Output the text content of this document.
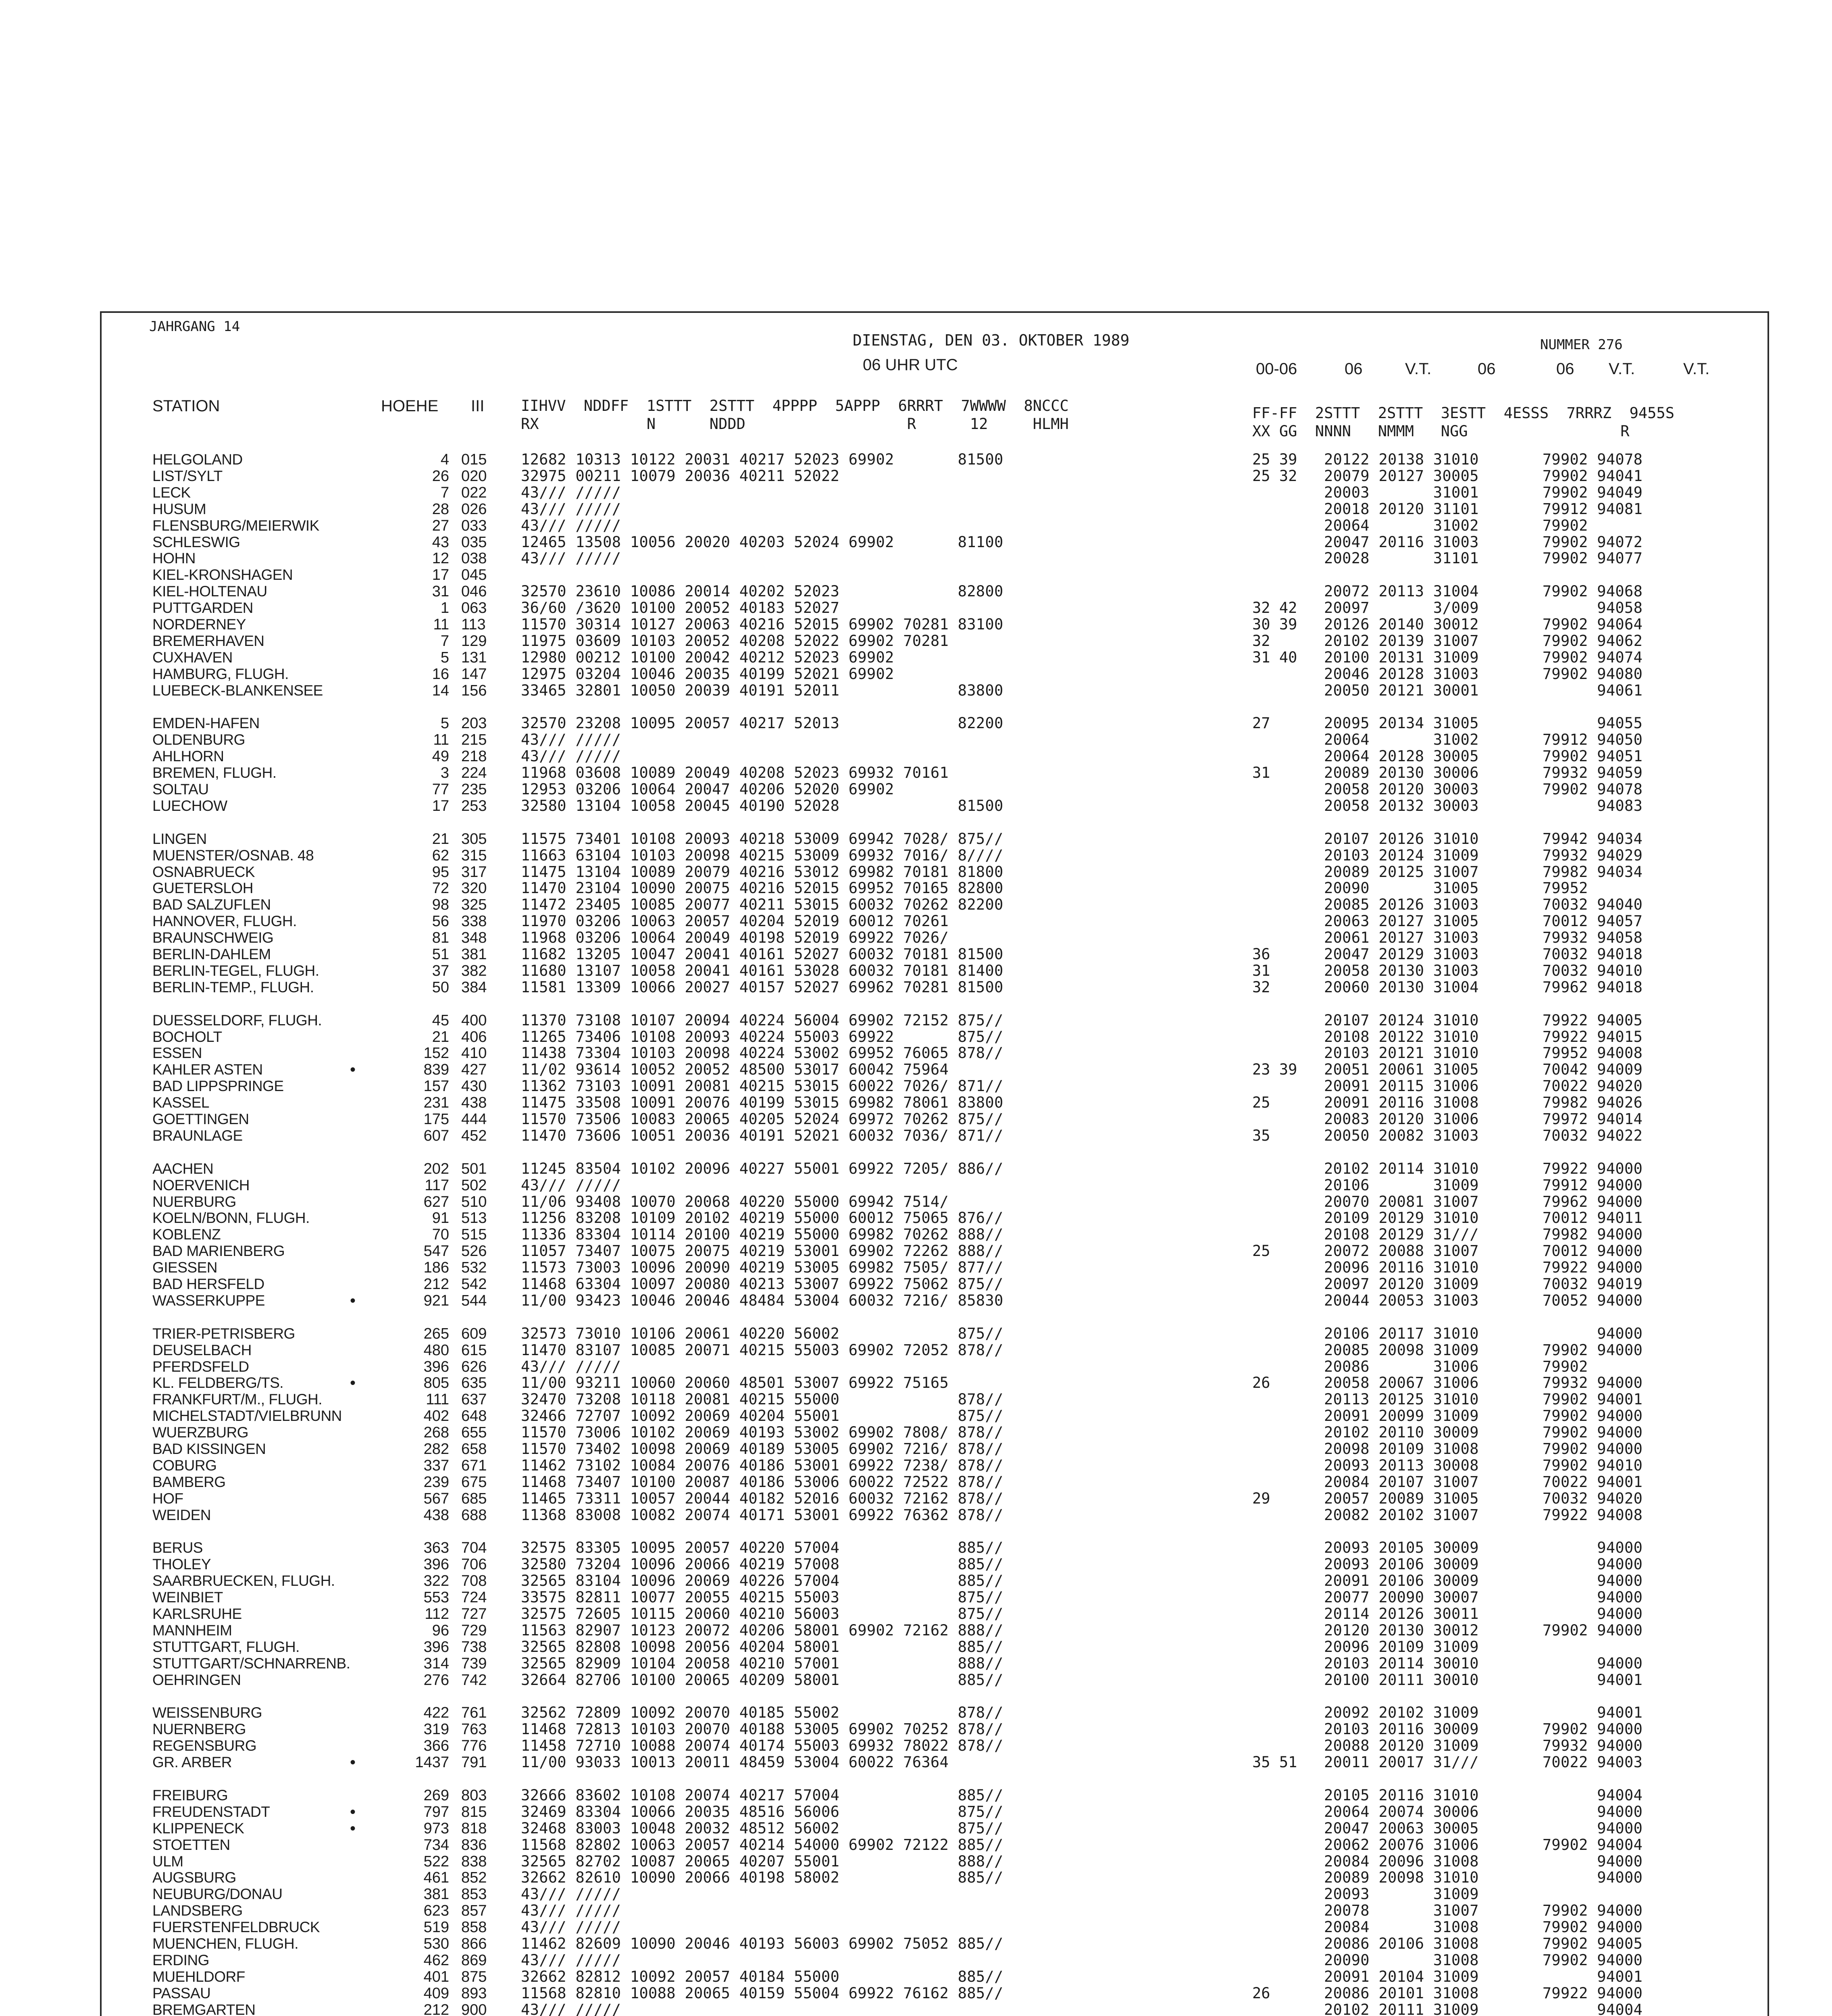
JAHRGANG 14
DIENSTAG, DEN 03. OKTOBER 1989
06 UHR UTC
NUMMER 276
00-06	06	V.T.	06	06 V.T.	V.T.
STATION	HOEHE III IIHVV  NDDFF  1STTT  2STTT  4PPPP  5APPP  6RRRT  7WWWW  8NCCC
RX            N      NDDD                  R      12     HLMH
FF-FF  2STTT  2STTT  3ESTT  4ESSS  7RRRZ  9455S
XX GG  NNNN   NMMM   NGG                 R
HELGOLAND	4 015 12682 10313 10122 20031 40217 52023 69902       81500	25 39 20122 20138 31010       79902 94078
LIST/SYLT	26 020 32975 00211 10079 20036 40211 52022	25 32 20079 20127 30005       79902 94041
LECK	7 022 43/// /////	20003       31001       79902 94049
HUSUM	28 026 43/// /////	20018 20120 31101       79912 94081
FLENSBURG/MEIERWIK	27 033 43/// /////	20064       31002       79902
SCHLESWIG	43 035 12465 13508 10056 20020 40203 52024 69902       81100	20047 20116 31003       79902 94072
HOHN	12 038 43/// /////	20028       31101       79902 94077
KIEL-KRONSHAGEN	17 045
KIEL-HOLTENAU	31 046 32570 23610 10086 20014 40202 52023             82800	20072 20113 31004       79902 94068
PUTTGARDEN	1 063 36/60 /3620 10100 20052 40183 52027	32 42 20097       3/009             94058
NORDERNEY	11 113 11570 30314 10127 20063 40216 52015 69902 70281 83100	30 39 20126 20140 30012       79902 94064
BREMERHAVEN	7 129 11975 03609 10103 20052 40208 52022 69902 70281	32	20102 20139 31007       79902 94062
CUXHAVEN	5 131 12980 00212 10100 20042 40212 52023 69902	31 40 20100 20131 31009       79902 94074
HAMBURG, FLUGH.	16 147 12975 03204 10046 20035 40199 52021 69902	20046 20128 31003       79902 94080
LUEBECK-BLANKENSEE	14 156 33465 32801 10050 20039 40191 52011             83800	20050 20121 30001             94061
EMDEN-HAFEN	5 203 32570 23208 10095 20057 40217 52013             82200	27	20095 20134 31005             94055
OLDENBURG	11 215 43/// /////	20064       31002       79912 94050
AHLHORN	49 218 43/// /////	20064 20128 30005       79902 94051
BREMEN, FLUGH.	3 224 11968 03608 10089 20049 40208 52023 69932 70161	31	20089 20130 30006       79932 94059
SOLTAU	77 235 12953 03206 10064 20047 40206 52020 69902	20058 20120 30003       79902 94078
LUECHOW	17 253 32580 13104 10058 20045 40190 52028             81500	20058 20132 30003             94083
LINGEN	21 305 11575 73401 10108 20093 40218 53009 69942 7028/ 875//	20107 20126 31010       79942 94034
MUENSTER/OSNAB. 48	62 315 11663 63104 10103 20098 40215 53009 69932 7016/ 8////	20103 20124 31009       79932 94029
OSNABRUECK	95 317 11475 13104 10089 20079 40216 53012 69982 70181 81800	20089 20125 31007       79982 94034
GUETERSLOH	72 320 11470 23104 10090 20075 40216 52015 69952 70165 82800	20090       31005       79952
BAD SALZUFLEN	98 325 11472 23405 10085 20077 40211 53015 60032 70262 82200	20085 20126 31003       70032 94040
HANNOVER, FLUGH.	56 338 11970 03206 10063 20057 40204 52019 60012 70261	20063 20127 31005       70012 94057
BRAUNSCHWEIG	81 348 11968 03206 10064 20049 40198 52019 69922 7026/	20061 20127 31003       79932 94058
BERLIN-DAHLEM	51 381 11682 13205 10047 20041 40161 52027 60032 70181 81500	36	20047 20129 31003       70032 94018
BERLIN-TEGEL, FLUGH.	37 382 11680 13107 10058 20041 40161 53028 60032 70181 81400	31	20058 20130 31003       70032 94010
BERLIN-TEMP., FLUGH.	50 384 11581 13309 10066 20027 40157 52027 69962 70281 81500	32	20060 20130 31004       79962 94018
DUESSELDORF, FLUGH.	45 400 11370 73108 10107 20094 40224 56004 69902 72152 875//	20107 20124 31010       79922 94005
BOCHOLT	21 406 11265 73406 10108 20093 40224 55003 69922       875//	20108 20122 31010       79922 94015
ESSEN	152 410 11438 73304 10103 20098 40224 53002 69952 76065 878//	20103 20121 31010       79952 94008
KAHLER ASTEN	•	839 427 11/02 93614 10052 20052 48500 53017 60042 75964	23 39 20051 20061 31005       70042 94009
BAD LIPPSPRINGE	157 430 11362 73103 10091 20081 40215 53015 60022 7026/ 871//	20091 20115 31006       70022 94020
KASSEL	231 438 11475 33508 10091 20076 40199 53015 69982 78061 83800	25	20091 20116 31008       79982 94026
GOETTINGEN	175 444 11570 73506 10083 20065 40205 52024 69972 70262 875//	20083 20120 31006       79972 94014
BRAUNLAGE	607 452 11470 73606 10051 20036 40191 52021 60032 7036/ 871//	35	20050 20082 31003       70032 94022
AACHEN	202 501 11245 83504 10102 20096 40227 55001 69922 7205/ 886//	20102 20114 31010       79922 94000
NOERVENICH	117 502 43/// /////	20106       31009       79912 94000
NUERBURG	627 510 11/06 93408 10070 20068 40220 55000 69942 7514/	20070 20081 31007       79962 94000
KOELN/BONN, FLUGH.	91 513 11256 83208 10109 20102 40219 55000 60012 75065 876//	20109 20129 31010       70012 94011
KOBLENZ	70 515 11336 83304 10114 20100 40219 55000 69982 70262 888//	20108 20129 31///       79982 94000
BAD MARIENBERG	547 526 11057 73407 10075 20075 40219 53001 69902 72262 888//	25	20072 20088 31007       70012 94000
GIESSEN	186 532 11573 73003 10096 20090 40219 53005 69982 7505/ 877//	20096 20116 31010       79922 94000
BAD HERSFELD	212 542 11468 63304 10097 20080 40213 53007 69922 75062 875//	20097 20120 31009       70032 94019
WASSERKUPPE	•	921 544 11/00 93423 10046 20046 48484 53004 60032 7216/ 85830	20044 20053 31003       70052 94000
TRIER-PETRISBERG	265 609 32573 73010 10106 20061 40220 56002             875//	20106 20117 31010             94000
DEUSELBACH	480 615 11470 83107 10085 20071 40215 55003 69902 72052 878//	20085 20098 31009       79902 94000
PFERDSFELD	396 626 43/// /////	20086       31006       79902
KL. FELDBERG/TS.	•	805 635 11/00 93211 10060 20060 48501 53007 69922 75165	26	20058 20067 31006       79932 94000
FRANKFURT/M., FLUGH.	111 637 32470 73208 10118 20081 40215 55000             878//	20113 20125 31010       79902 94001
MICHELSTADT/VIELBRUNN	402 648 32466 72707 10092 20069 40204 55001             875//	20091 20099 31009       79902 94000
WUERZBURG	268 655 11570 73006 10102 20069 40193 53002 69902 7808/ 878//	20102 20110 30009       79902 94000
BAD KISSINGEN	282 658 11570 73402 10098 20069 40189 53005 69902 7216/ 878//	20098 20109 31008       79902 94000
COBURG	337 671 11462 73102 10084 20076 40186 53001 69922 7238/ 878//	20093 20113 30008       79902 94010
BAMBERG	239 675 11468 73407 10100 20087 40186 53006 60022 72522 878//	20084 20107 31007       70022 94001
HOF	567 685 11465 73311 10057 20044 40182 52016 60032 72162 878//	29	20057 20089 31005       70032 94020
WEIDEN	438 688 11368 83008 10082 20074 40171 53001 69922 76362 878//	20082 20102 31007       79922 94008
BERUS	363 704 32575 83305 10095 20057 40220 57004             885//	20093 20105 30009             94000
THOLEY	396 706 32580 73204 10096 20066 40219 57008             885//	20093 20106 30009             94000
SAARBRUECKEN, FLUGH.	322 708 32565 83104 10096 20069 40226 57004             885//	20091 20106 30009             94000
WEINBIET	553 724 33575 82811 10077 20055 40215 55003             875//	20077 20090 30007             94000
KARLSRUHE	112 727 32575 72605 10115 20060 40210 56003             875//	20114 20126 30011             94000
MANNHEIM	96 729 11563 82907 10123 20072 40206 58001 69902 72162 888//	20120 20130 30012       79902 94000
STUTTGART, FLUGH.	396 738 32565 82808 10098 20056 40204 58001             885//	20096 20109 31009
STUTTGART/SCHNARRENB.	314 739 32565 82909 10104 20058 40210 57001             888//	20103 20114 30010             94000
OEHRINGEN	276 742 32664 82706 10100 20065 40209 58001             885//	20100 20111 30010             94001
WEISSENBURG	422 761 32562 72809 10092 20070 40185 55002             878//	20092 20102 31009             94001
NUERNBERG	319 763 11468 72813 10103 20070 40188 53005 69902 70252 878//	20103 20116 30009       79902 94000
REGENSBURG	366 776 11458 72710 10088 20074 40174 55003 69932 78022 878//	20088 20120 31009       79932 94000
GR. ARBER	•	1437 791 11/00 93033 10013 20011 48459 53004 60022 76364	35 51 20011 20017 31///       70022 94003
FREIBURG	269 803 32666 83602 10108 20074 40217 57004             885//	20105 20116 31010             94004
FREUDENSTADT	•	797 815 32469 83304 10066 20035 48516 56006             875//	20064 20074 30006             94000
KLIPPENECK	•	973 818 32468 83003 10048 20032 48512 56002             875//	20047 20063 30005             94000
STOETTEN	734 836 11568 82802 10063 20057 40214 54000 69902 72122 885//	20062 20076 31006       79902 94004
ULM	522 838 32565 82702 10087 20065 40207 55001             888//	20084 20096 31008             94000
AUGSBURG	461 852 32662 82610 10090 20066 40198 58002             885//	20089 20098 31010             94000
NEUBURG/DONAU	381 853 43/// /////	20093       31009
LANDSBERG	623 857 43/// /////	20078       31007       79902 94000
FUERSTENFELDBRUCK	519 858 43/// /////	20084       31008       79902 94000
MUENCHEN, FLUGH.	530 866 11462 82609 10090 20046 40193 56003 69902 75052 885//	20086 20106 31008       79902 94005
ERDING	462 869 43/// /////	20090       31008       79902 94000
MUEHLDORF	401 875 32662 82812 10092 20057 40184 55000             885//	20091 20104 31009             94001
PASSAU	409 893 11568 82810 10088 20065 40159 55004 69922 76162 885//	26	20086 20101 31008       79922 94000
BREMGARTEN	212 900 43/// /////	20102 20111 31009             94004
